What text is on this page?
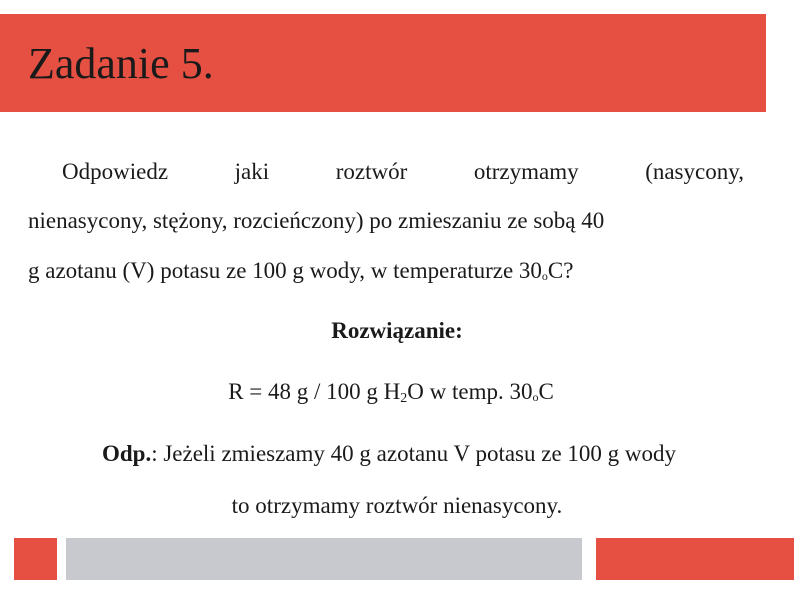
Zadanie 5.
Odpowiedz	jaki	roztwór	otrzymamy	(nasycony,
nienasycony, stężony, rozcieńczony) po zmieszaniu ze sobą 40
g azotanu (V) potasu ze 100 g wody, w temperaturze 30oC?
Rozwiązanie:
R = 48 g / 100 g $H_2O$ w temp. 30oC
Odp.: Jeżeli zmieszamy 40 g azotanu V potasu ze 100 g wody
to otrzymamy roztwór nienasycony.
